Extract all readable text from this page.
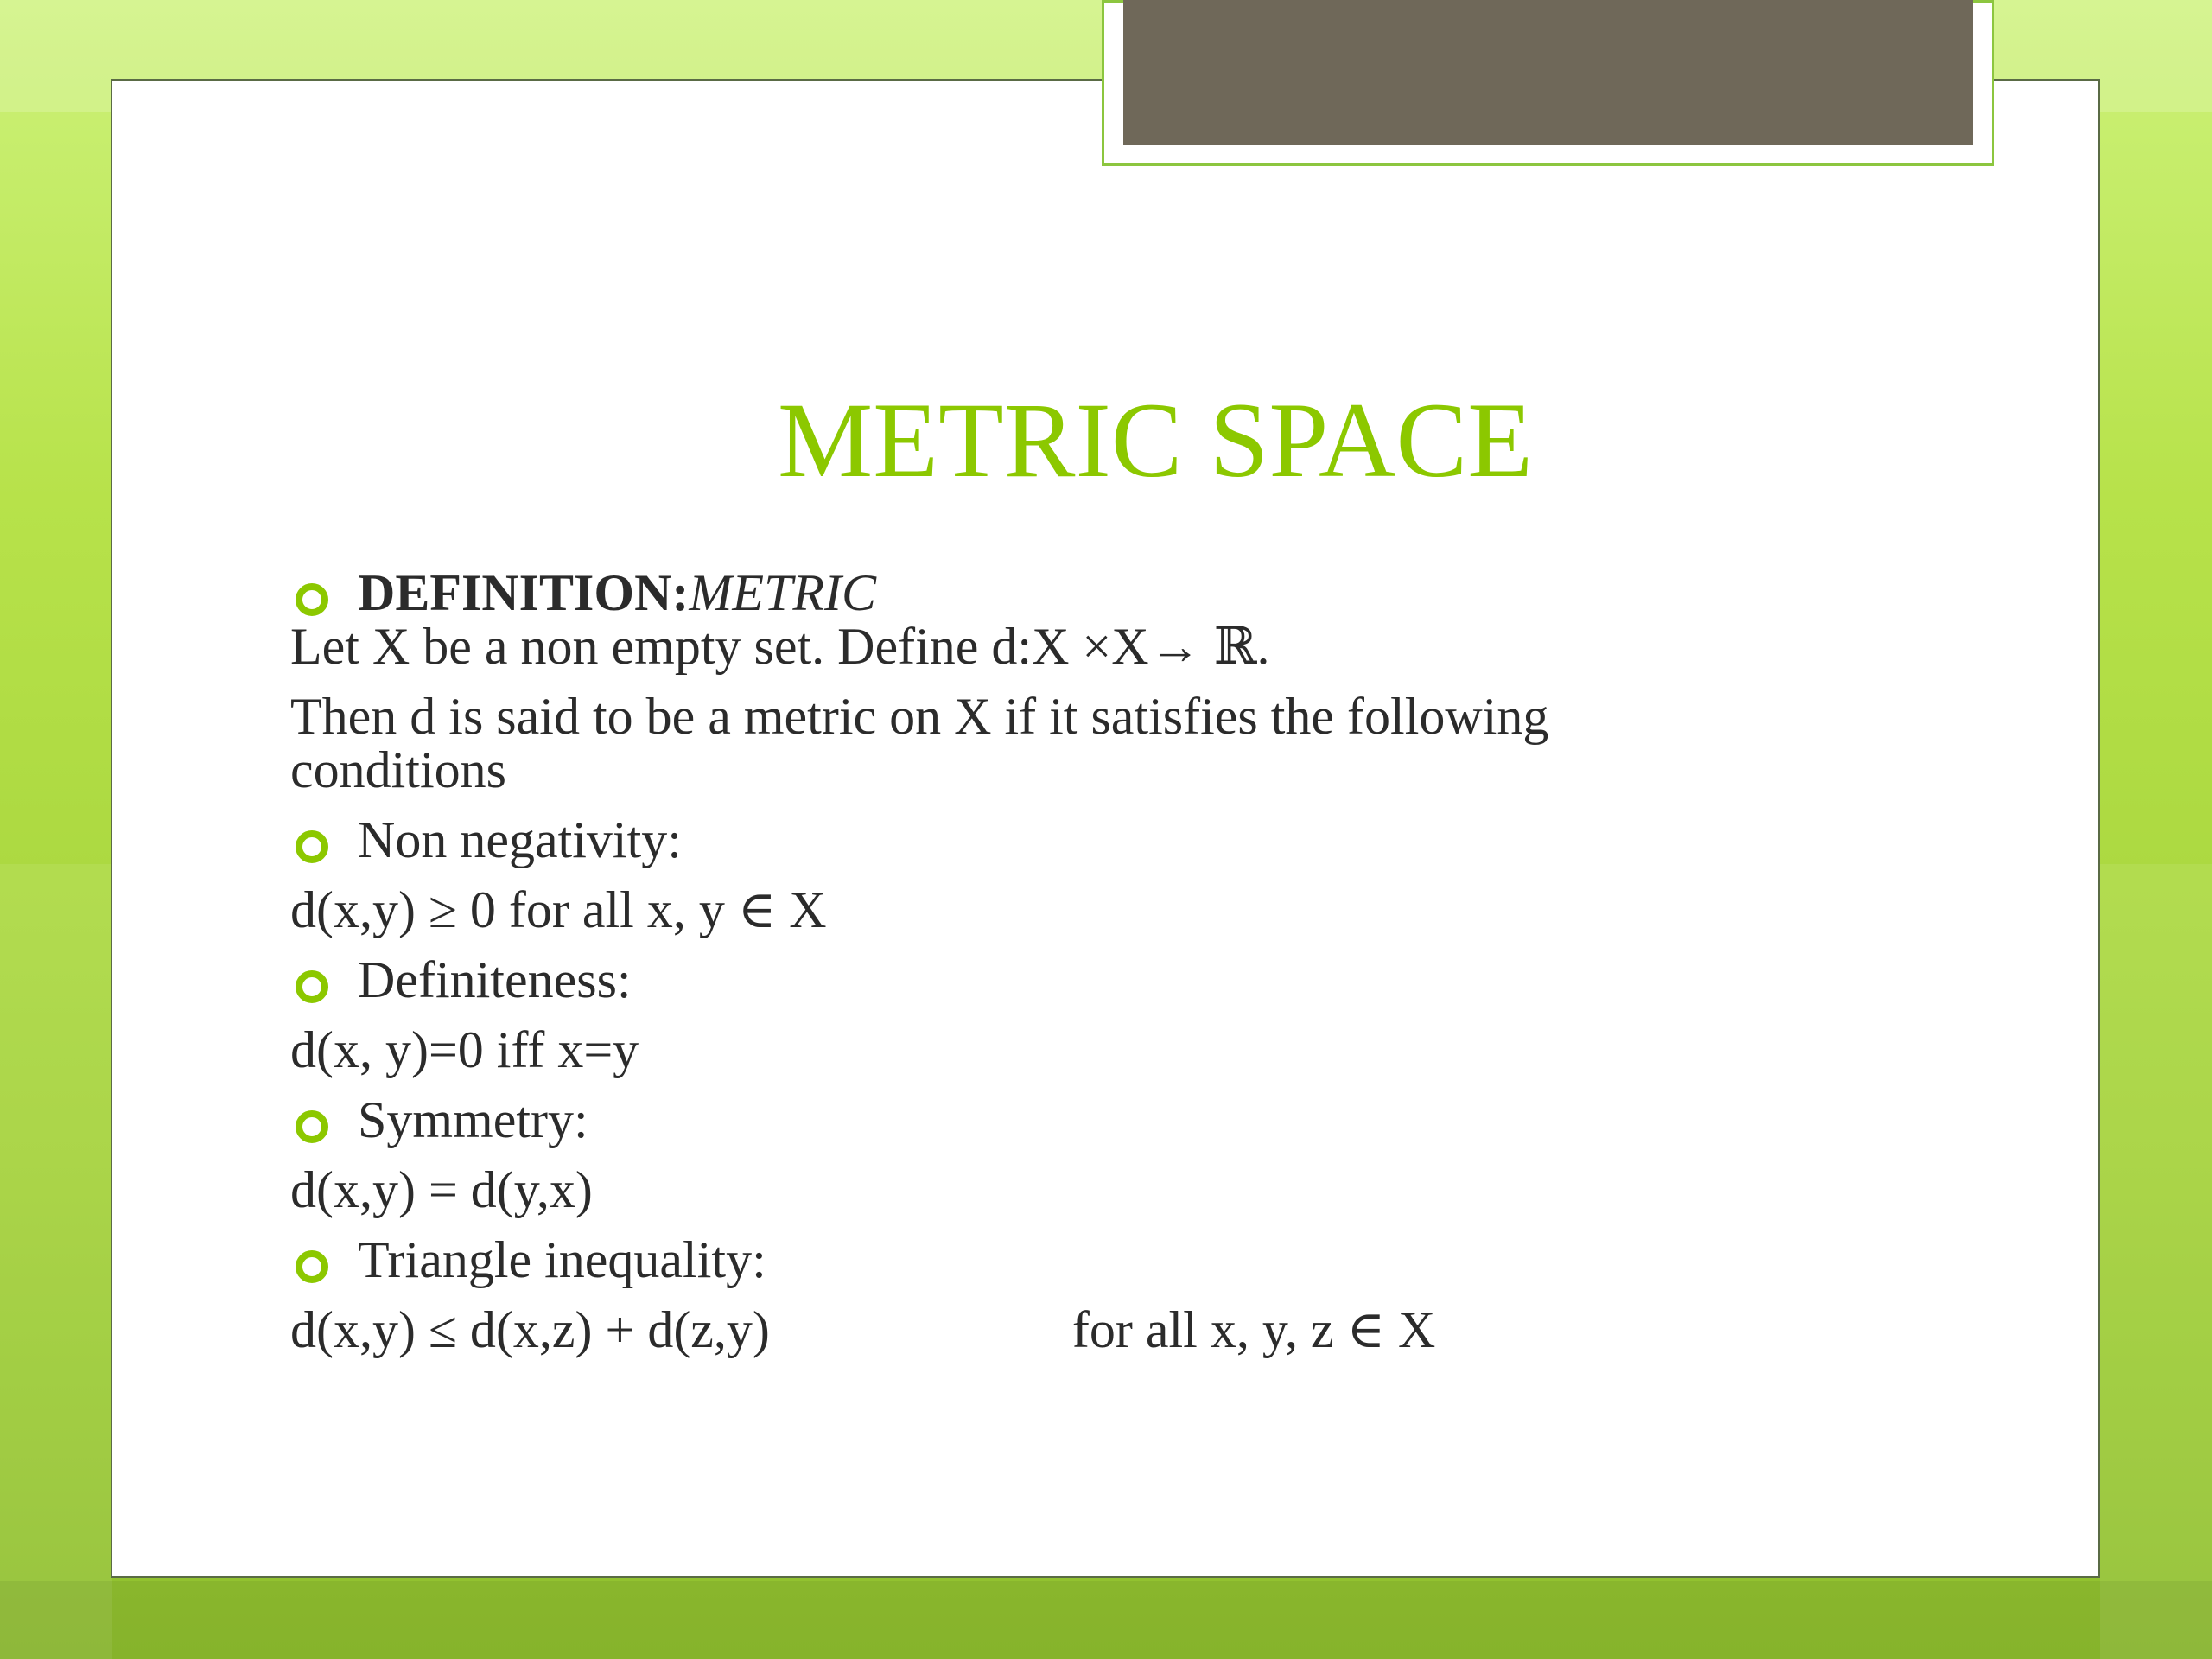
METRIC SPACE

DEFINITION:METRIC

Let X be a non empty set. Define d:X ×X→ ℝ.

Then d is said to be a metric on X if it satisfies the following

conditions

Non negativity:

d(x,y) ≥ 0 for all x, y ∈ X

Definiteness:

d(x, y)=0 iff x=y

Symmetry:

d(x,y) = d(y,x)

Triangle inequality:

d(x,y) ≤ d(x,z) + d(z,y)	for all x, y, z ∈ X
